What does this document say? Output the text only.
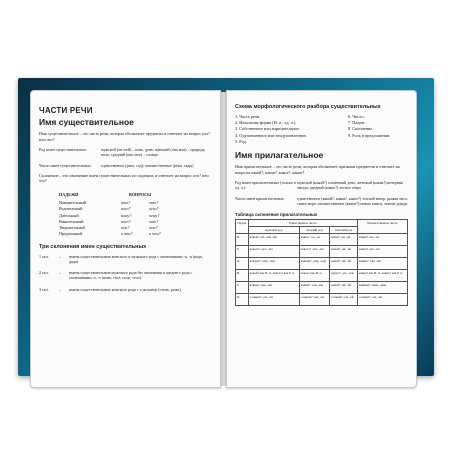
ЧАСТИ РЕЧИ
Имя существительное

Имя существительное – это часть речи, которая обозначает предметы и отвечает на вопрос кто? или что?

Род имен существительных:	мужской (он мой) – конь, день; женский (она моя) – природа, ночь; средний (оно мое) – солнце
Число имен существительных:	единственное (река, сад); множественное (реки, сады)

Склонение – это изменение имен существительных по падежам, и отвечает на вопрос кто? или что?

ПАДЕЖИ	ВОПРОСЫ
Именительный	кто?	что?
Родительный	кого?	чего?
Дательный	кому?	чему?
Винительный	кого?	что?
Творительный	кем?	чем?
Предложный	о ком?	о чем?
Три склонения имен существительных
1 скл.	–	имена существительные женского и мужского рода с окончаниями -а, -я (вода, дядя).
2 скл.	–	имена существительные мужского рода без окончания и среднего рода с окончаниями -о, -е (конь, стол, поле, село).
3 скл.	–	имена существительные женского рода с ь на конце (степь, рожь).
Схема морфологического разбора существительных
1. Часть речи.
2. Начальная форма (И. п., ед. ч.).
3. Собственное или нарицательное.
4. Одушевленное или неодушевленное.
5. Род.
6. Число.
7. Падеж.
8. Склонение.
9. Роль в предложении.
Имя прилагательное

Имя прилагательное – это часть речи, которая обозначает признаки предметов и отвечает на вопросы какой?, какая?, какое?, какие?

Род имен прилагательных (только в ед. ч.):
мужской (какой?) солнечный день; женский (какая?) вечерняя звезда; средний (какое?) лесное озеро
Число имен прилагательных:	единственное (какой?, какая?, какое?) теплый вечер, рыжая лиса, синее море; множественное (какие?) новые книги, летние дожди
Таблица склонения прилагательных
Падеж	Единственное число			Множественное число
	мужской род	средний род	женский род	
И.	какой? -ой, -ый, -ий	какое? -ое, -ее	какая? -ая, -яя	какие? -ые, -ие
Р.	какого? -ого, -его	какого? -ого, -его	какой? -ой, -ей	каких? -ых, -их
Д.	какому? -ому, -ему	какому? -ому, -ему	какой? -ой, -ей	каким? -ым, -им
В.	какой? как И. п., какого? как Р. п.	какое? как И. п.	какую? -ую, -юю	какие? как И. п., каких? как Р. п.
Т.	каким? -ым, -им	каким? -ым, -им	какой? -ой, -ей	какими? -ыми, -ими
П.	о каком? -ом, -ем	о каком? -ом, -ем	о какой? -ой, -ей	о каких? -ых, -их
